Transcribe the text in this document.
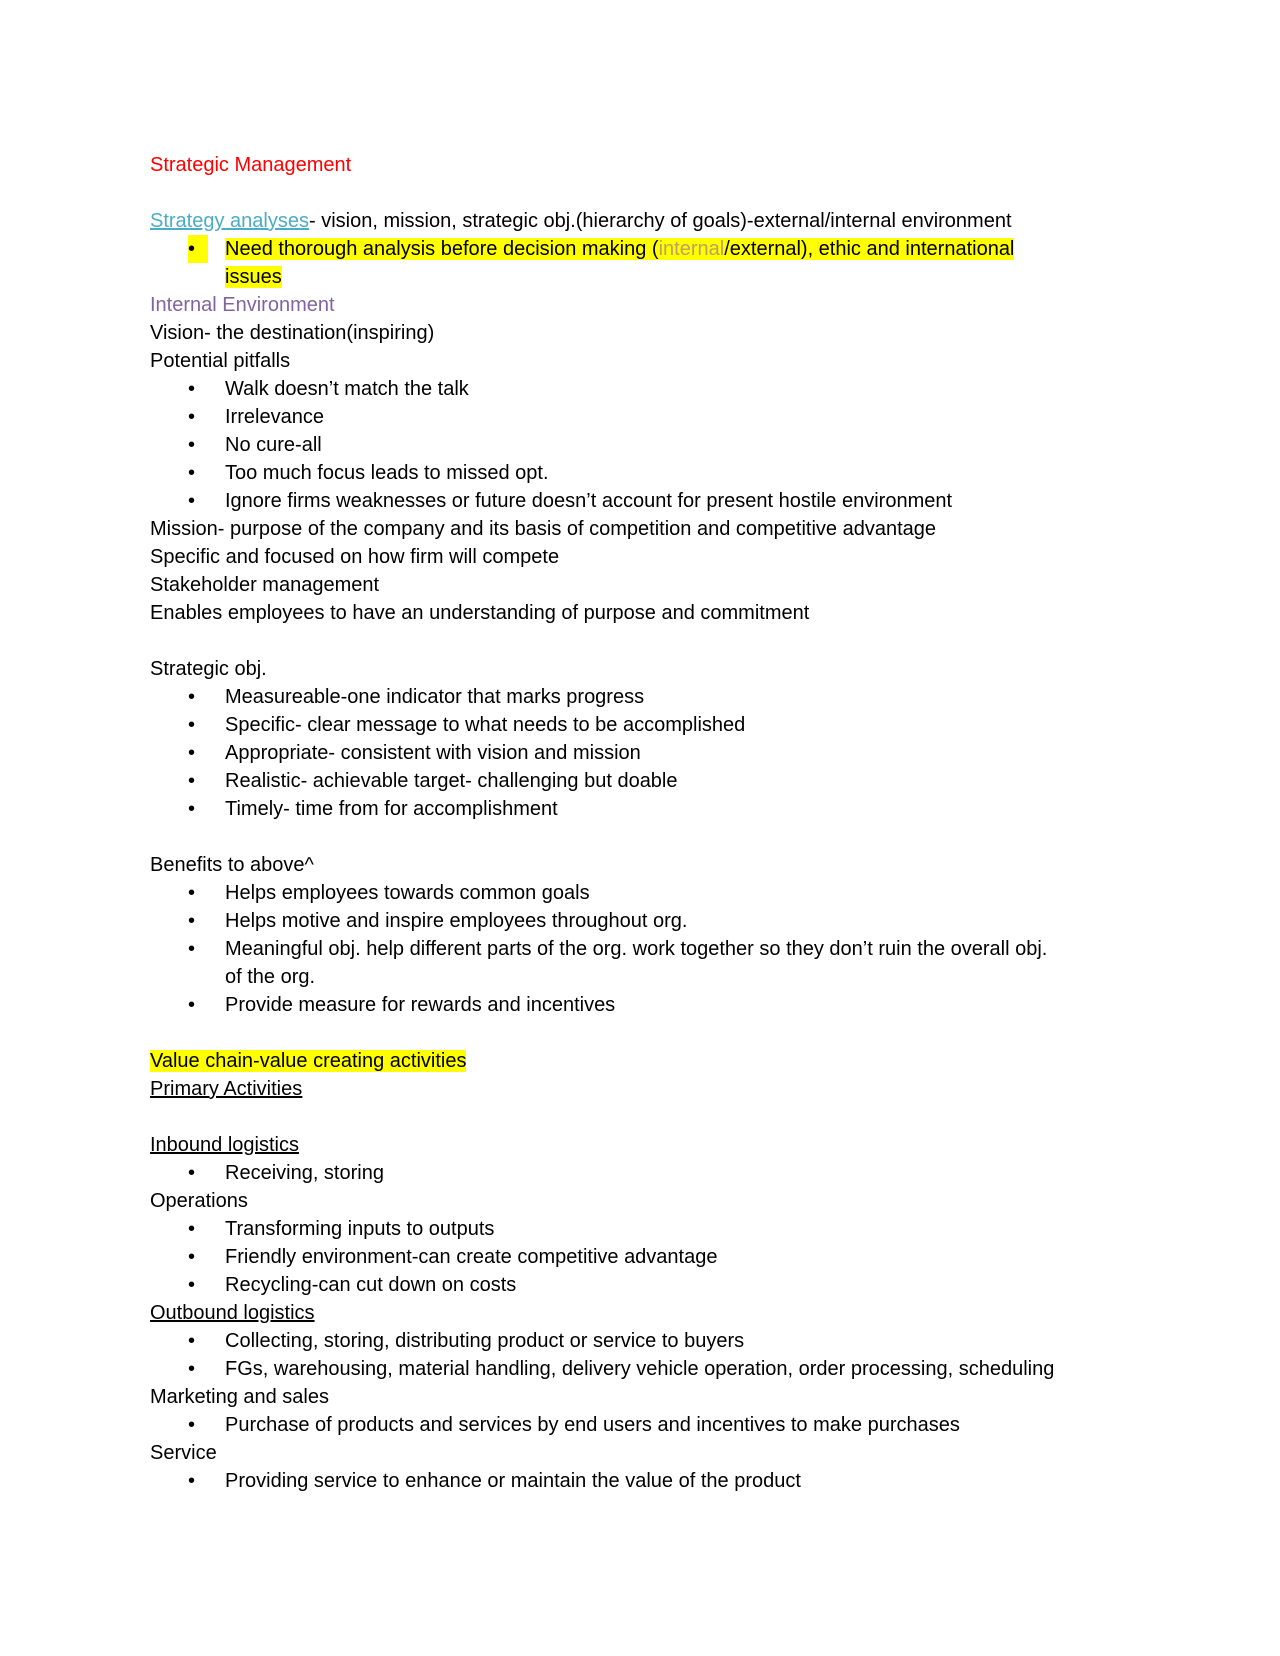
Strategic Management
Strategy analyses- vision, mission, strategic obj.(hierarchy of goals)-external/internal environment
•	Need thorough analysis before decision making (internal/external), ethic and international issues
Internal Environment
Vision- the destination(inspiring)
Potential pitfalls
•	Walk doesn’t match the talk
•	Irrelevance
•	No cure-all
•	Too much focus leads to missed opt.
•	Ignore firms weaknesses or future doesn’t account for present hostile environment
Mission- purpose of the company and its basis of competition and competitive advantage
Specific and focused on how firm will compete
Stakeholder management
Enables employees to have an understanding of purpose and commitment
Strategic obj.
•	Measureable-one indicator that marks progress
•	Specific- clear message to what needs to be accomplished
•	Appropriate- consistent with vision and mission
•	Realistic- achievable target- challenging but doable
•	Timely- time from for accomplishment
Benefits to above^
•	Helps employees towards common goals
•	Helps motive and inspire employees throughout org.
•	Meaningful obj. help different parts of the org. work together so they don’t ruin the overall obj. of the org.
•	Provide measure for rewards and incentives
Value chain-value creating activities
Primary Activities
Inbound logistics
•	Receiving, storing
Operations
•	Transforming inputs to outputs
•	Friendly environment-can create competitive advantage
•	Recycling-can cut down on costs
Outbound logistics
•	Collecting, storing, distributing product or service to buyers
•	FGs, warehousing, material handling, delivery vehicle operation, order processing, scheduling
Marketing and sales
•	Purchase of products and services by end users and incentives to make purchases
Service
•	Providing service to enhance or maintain the value of the product
